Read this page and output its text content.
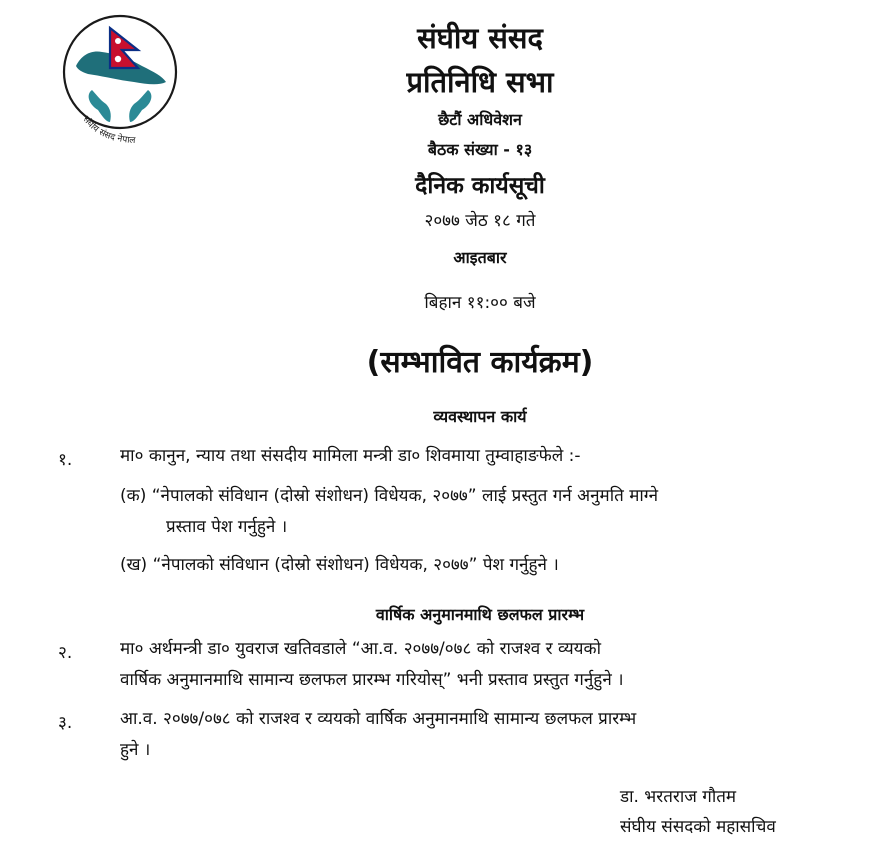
संघीय संसद नेपाल
संघीय संसद
प्रतिनिधि सभा
छैटौं अधिवेशन
बैठक संख्या - १३
दैनिक कार्यसूची
२०७७ जेठ १८ गते
आइतबार
बिहान ११:०० बजे
(सम्भावित कार्यक्रम)
व्यवस्थापन कार्य
१.	मा० कानुन, न्याय तथा संसदीय मामिला मन्त्री डा० शिवमाया तुम्वाहाङफेले :-
(क) “नेपालको संविधान (दोस्रो संशोधन) विधेयक, २०७७” लाई प्रस्तुत गर्न अनुमति माग्ने
प्रस्ताव पेश गर्नुहुने ।
(ख) “नेपालको संविधान (दोस्रो संशोधन) विधेयक, २०७७” पेश गर्नुहुने ।
वार्षिक अनुमानमाथि छलफल प्रारम्भ
२.	मा० अर्थमन्त्री डा० युवराज खतिवडाले “आ.व. २०७७/०७८ को राजश्व र व्ययको
वार्षिक अनुमानमाथि सामान्य छलफल प्रारम्भ गरियोस्” भनी प्रस्ताव प्रस्तुत गर्नुहुने ।
३.	आ.व. २०७७/०७८ को राजश्व र व्ययको वार्षिक अनुमानमाथि सामान्य छलफल प्रारम्भ
हुने ।
डा. भरतराज गौतम
संघीय संसदको महासचिव
